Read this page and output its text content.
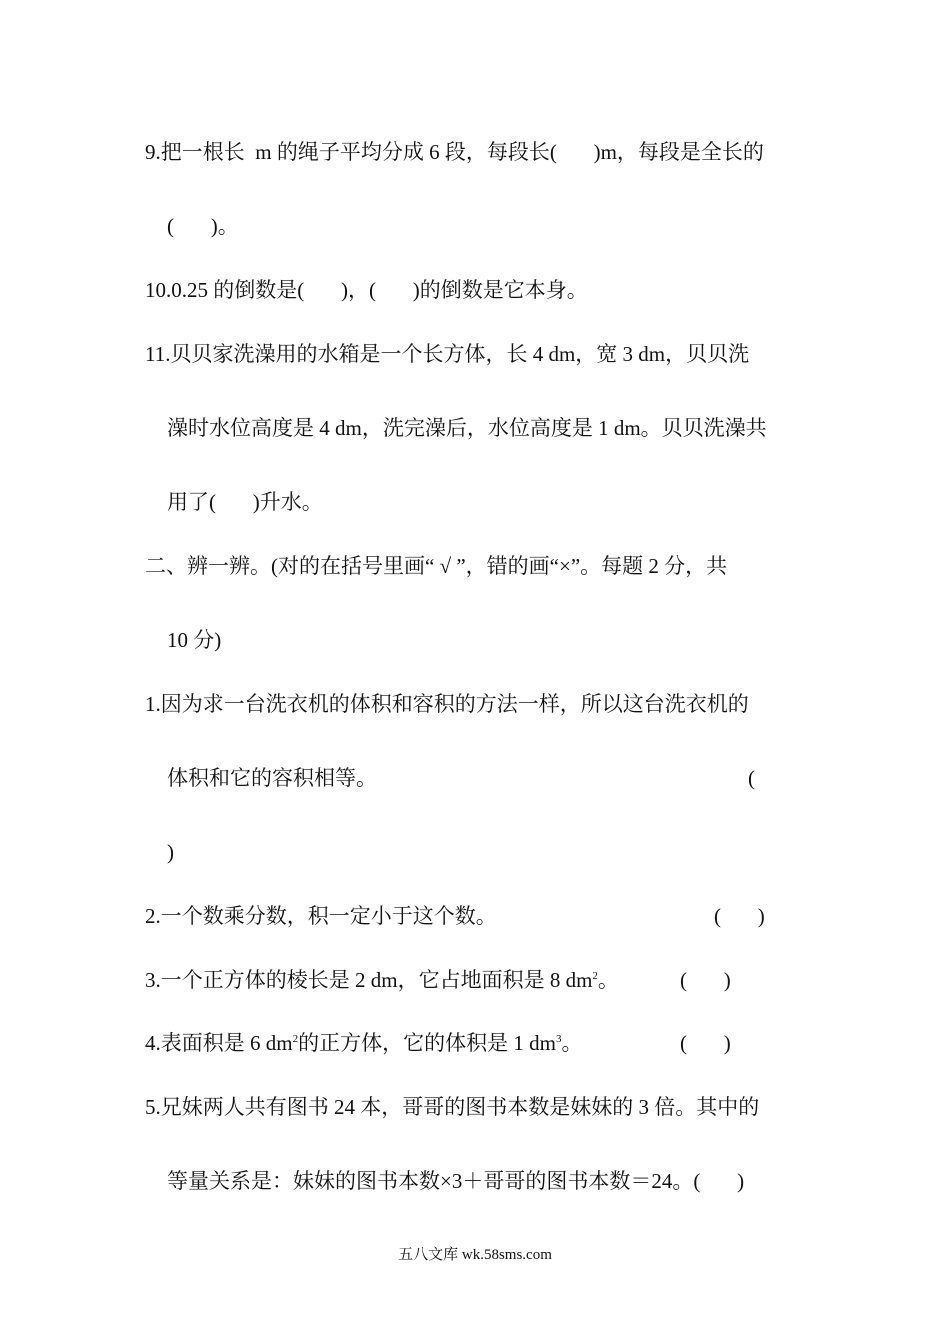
9.把一根长  m 的绳子平均分成 6 段，每段长(       )m，每段是全长的
(       )。
10.0.25 的倒数是(       )，(       )的倒数是它本身。
11.贝贝家洗澡用的水箱是一个长方体，长 4 dm，宽 3 dm，贝贝洗
澡时水位高度是 4 dm，洗完澡后，水位高度是 1 dm。贝贝洗澡共
用了(       )升水。
二、辨一辨。(对的在括号里画“ √ ”，错的画“×”。每题 2 分，共
10 分)
1.因为求一台洗衣机的体积和容积的方法一样，所以这台洗衣机的
体积和它的容积相等。	(
)
2.一个数乘分数，积一定小于这个数。	(       )
3.一个正方体的棱长是 2 dm，它占地面积是 8 $dm^2$。	(       )
4.表面积是 6 $dm^2$的正方体，它的体积是 1 $dm^3$。	(       )
5.兄妹两人共有图书 24 本，哥哥的图书本数是妹妹的 3 倍。其中的
等量关系是：妹妹的图书本数×3＋哥哥的图书本数＝24。(       )
五八文库 wk.58sms.com
